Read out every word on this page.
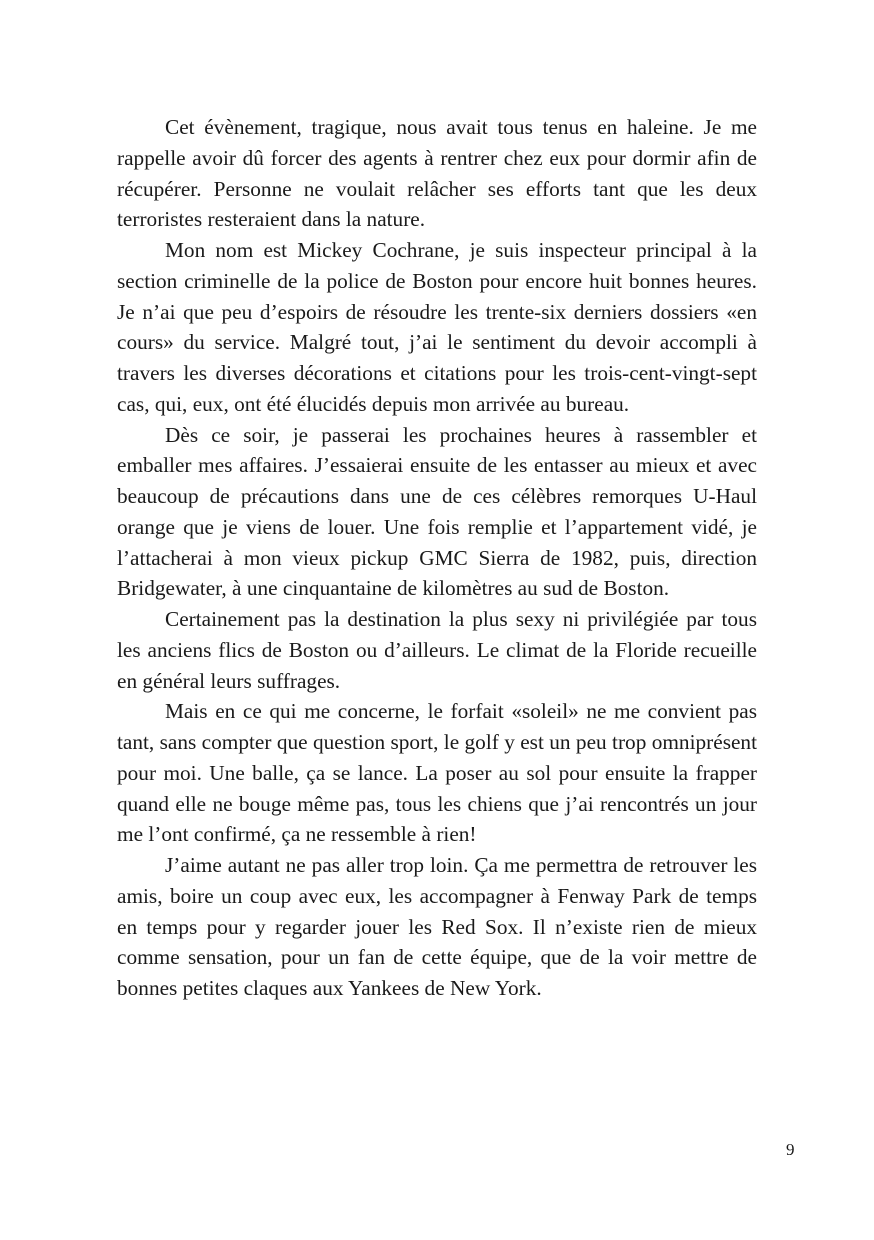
Cet évènement, tragique, nous avait tous tenus en haleine. Je me rappelle avoir dû forcer des agents à rentrer chez eux pour dormir afin de récupérer. Personne ne voulait relâcher ses efforts tant que les deux terroristes resteraient dans la nature.

Mon nom est Mickey Cochrane, je suis inspecteur principal à la section criminelle de la police de Boston pour encore huit bonnes heures. Je n’ai que peu d’espoirs de résoudre les trente-six derniers dossiers «en cours» du service. Malgré tout, j’ai le sentiment du devoir accompli à travers les diverses décorations et citations pour les trois-cent-vingt-sept cas, qui, eux, ont été élucidés depuis mon arrivée au bureau.

Dès ce soir, je passerai les prochaines heures à rassembler et emballer mes affaires. J’essaierai ensuite de les entasser au mieux et avec beaucoup de précautions dans une de ces célèbres remorques U-Haul orange que je viens de louer. Une fois remplie et l’appartement vidé, je l’attacherai à mon vieux pickup GMC Sierra de 1982, puis, direction Bridgewater, à une cinquantaine de kilomètres au sud de Boston.

Certainement pas la destination la plus sexy ni privilégiée par tous les anciens flics de Boston ou d’ailleurs. Le climat de la Floride recueille en général leurs suffrages.

Mais en ce qui me concerne, le forfait «soleil» ne me convient pas tant, sans compter que question sport, le golf y est un peu trop omniprésent pour moi. Une balle, ça se lance. La poser au sol pour ensuite la frapper quand elle ne bouge même pas, tous les chiens que j’ai rencontrés un jour me l’ont confirmé, ça ne ressemble à rien!

J’aime autant ne pas aller trop loin. Ça me permettra de retrouver les amis, boire un coup avec eux, les accompagner à Fenway Park de temps en temps pour y regarder jouer les Red Sox. Il n’existe rien de mieux comme sensation, pour un fan de cette équipe, que de la voir mettre de bonnes petites claques aux Yankees de New York.

9
